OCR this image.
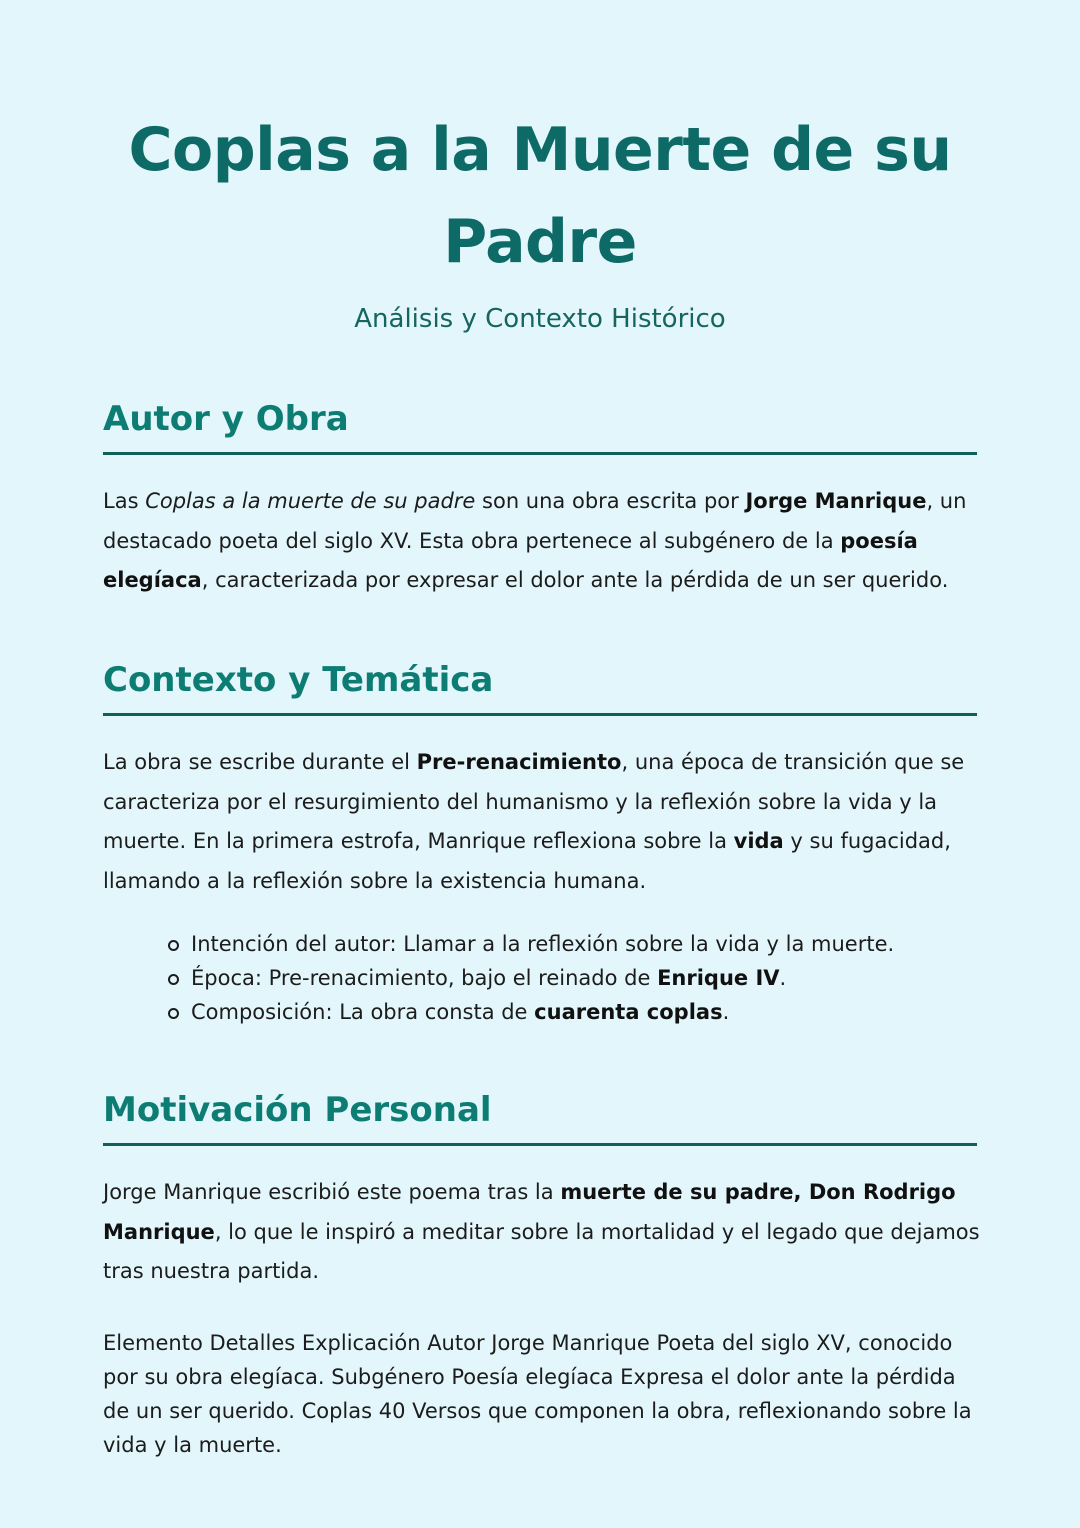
Coplas a la Muerte de su Padre

Análisis y Contexto Histórico

Autor y Obra

Las Coplas a la muerte de su padre son una obra escrita por Jorge Manrique, un destacado poeta del siglo XV. Esta obra pertenece al subgénero de la poesía elegíaca, caracterizada por expresar el dolor ante la pérdida de un ser querido.

Contexto y Temática

La obra se escribe durante el Pre-renacimiento, una época de transición que se caracteriza por el resurgimiento del humanismo y la reflexión sobre la vida y la muerte. En la primera estrofa, Manrique reflexiona sobre la vida y su fugacidad, llamando a la reflexión sobre la existencia humana.

Intención del autor: Llamar a la reflexión sobre la vida y la muerte.
Época: Pre-renacimiento, bajo el reinado de Enrique IV.
Composición: La obra consta de cuarenta coplas.
Motivación Personal

Jorge Manrique escribió este poema tras la muerte de su padre, Don Rodrigo Manrique, lo que le inspiró a meditar sobre la mortalidad y el legado que dejamos tras nuestra partida.

Elemento Detalles Explicación Autor Jorge Manrique Poeta del siglo XV, conocido por su obra elegíaca. Subgénero Poesía elegíaca Expresa el dolor ante la pérdida de un ser querido. Coplas 40 Versos que componen la obra, reflexionando sobre la vida y la muerte.
